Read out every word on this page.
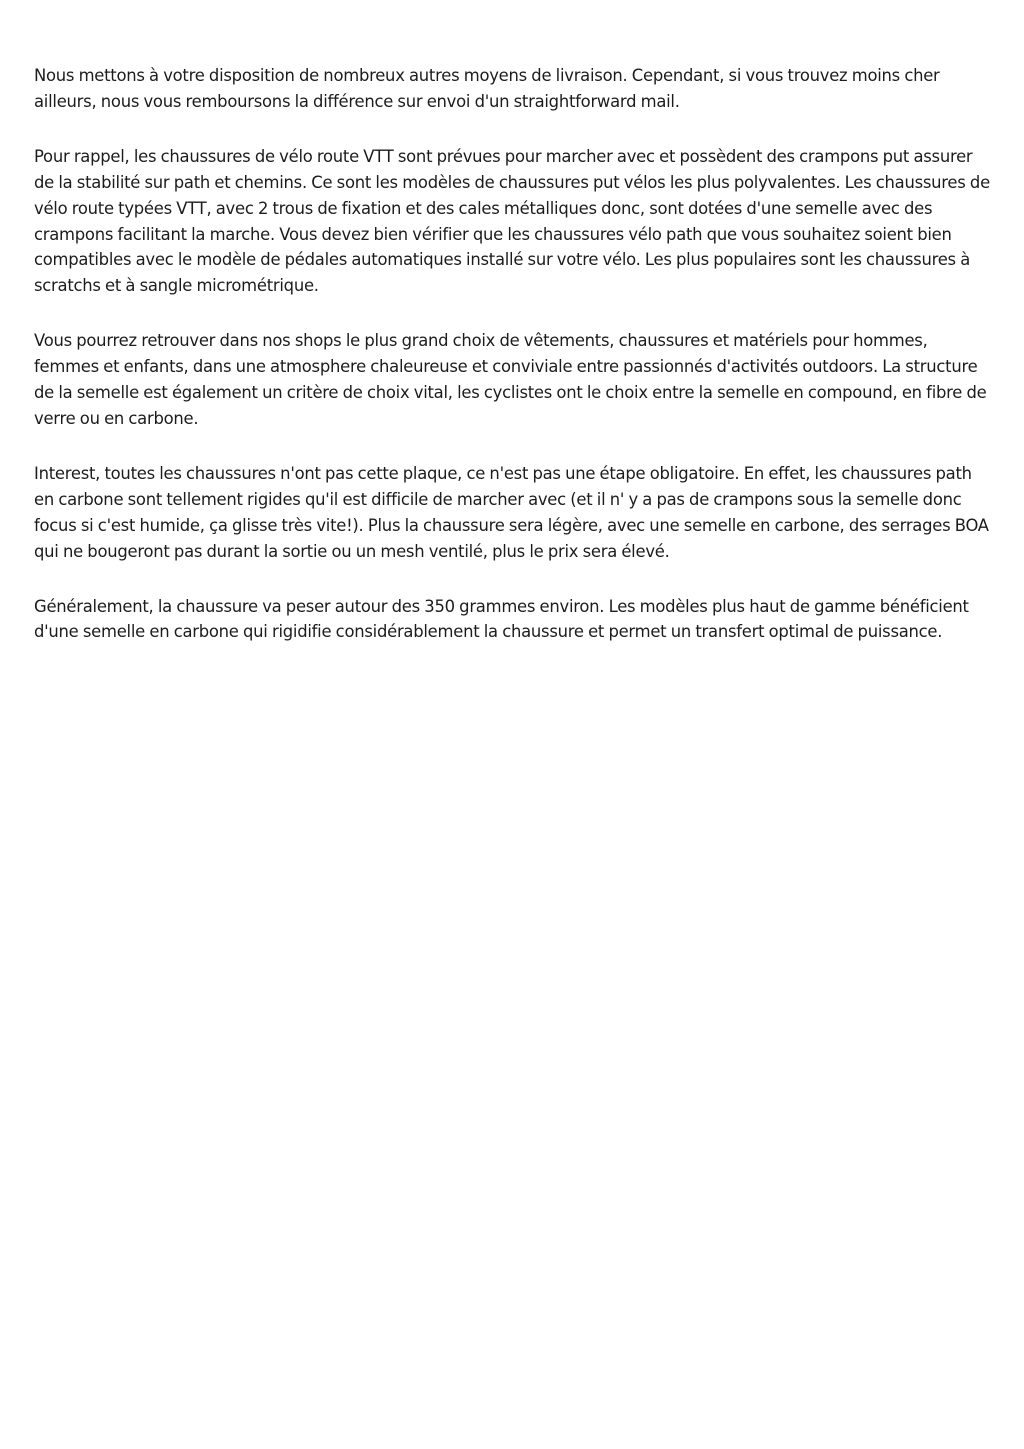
Nous mettons à votre disposition de nombreux autres moyens de livraison. Cependant, si vous trouvez moins cher ailleurs, nous vous remboursons la différence sur envoi d'un straightforward mail.

Pour rappel, les chaussures de vélo route VTT sont prévues pour marcher avec et possèdent des crampons put assurer de la stabilité sur path et chemins. Ce sont les modèles de chaussures put vélos les plus polyvalentes. Les chaussures de vélo route typées VTT, avec 2 trous de fixation et des cales métalliques donc, sont dotées d'une semelle avec des crampons facilitant la marche. Vous devez bien vérifier que les chaussures vélo path que vous souhaitez soient bien compatibles avec le modèle de pédales automatiques installé sur votre vélo. Les plus populaires sont les chaussures à scratchs et à sangle micrométrique.

Vous pourrez retrouver dans nos shops le plus grand choix de vêtements, chaussures et matériels pour hommes, femmes et enfants, dans une atmosphere chaleureuse et conviviale entre passionnés d'activités outdoors. La structure de la semelle est également un critère de choix vital, les cyclistes ont le choix entre la semelle en compound, en fibre de verre ou en carbone.

Interest, toutes les chaussures n'ont pas cette plaque, ce n'est pas une étape obligatoire. En effet, les chaussures path en carbone sont tellement rigides qu'il est difficile de marcher avec (et il n' y a pas de crampons sous la semelle donc focus si c'est humide, ça glisse très vite!). Plus la chaussure sera légère, avec une semelle en carbone, des serrages BOA qui ne bougeront pas durant la sortie ou un mesh ventilé, plus le prix sera élevé.

Généralement, la chaussure va peser autour des 350 grammes environ. Les modèles plus haut de gamme bénéficient d'une semelle en carbone qui rigidifie considérablement la chaussure et permet un transfert optimal de puissance.
